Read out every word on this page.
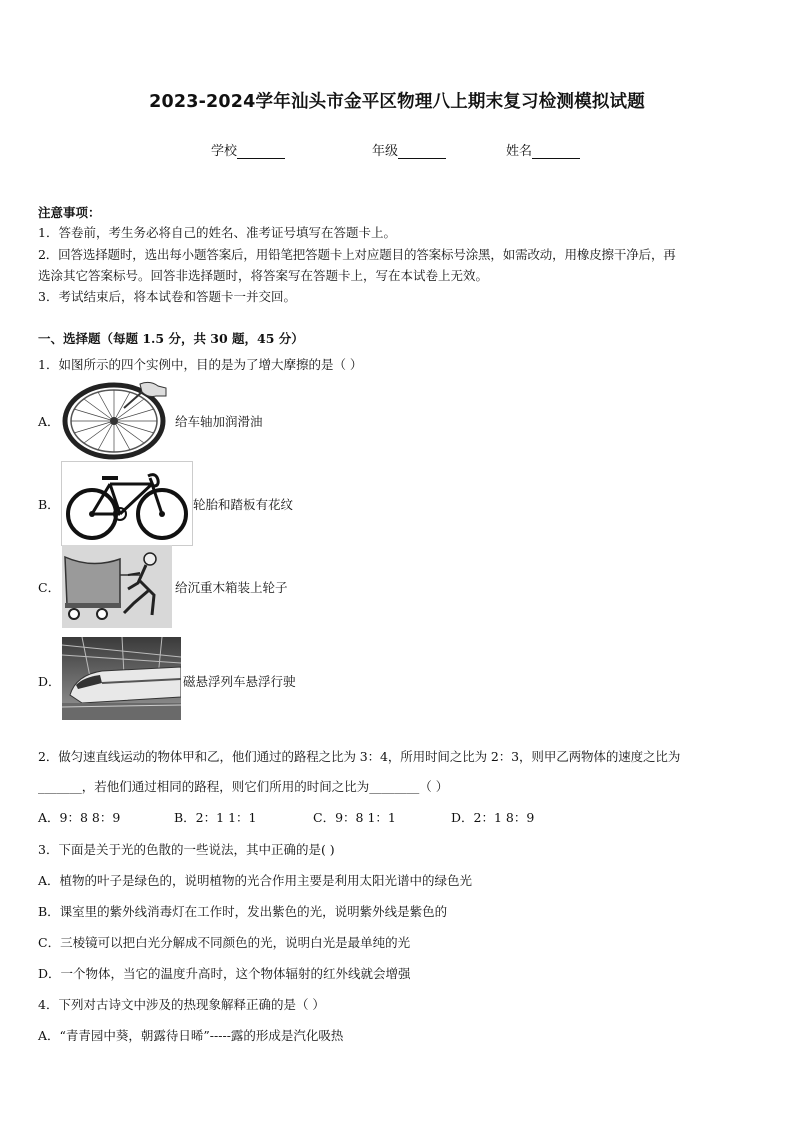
2023-2024学年汕头市金平区物理八上期末复习检测模拟试题
学校	年级	姓名
注意事项：
1．答卷前，考生务必将自己的姓名、准考证号填写在答题卡上。
2．回答选择题时，选出每小题答案后，用铅笔把答题卡上对应题目的答案标号涂黑，如需改动，用橡皮擦干净后，再
选涂其它答案标号。回答非选择题时，将答案写在答题卡上，写在本试卷上无效。
3．考试结束后，将本试卷和答题卡一并交回。
一、选择题（每题 1.5 分，共 30 题，45 分）
1．如图所示的四个实例中，目的是为了增大摩擦的是（ ）
A．	给车轴加润滑油
B．	轮胎和踏板有花纹
C．	给沉重木箱装上轮子
D．	磁悬浮列车悬浮行驶
2．做匀速直线运动的物体甲和乙，他们通过的路程之比为 3：4，所用时间之比为 2：3，则甲乙两物体的速度之比为
_______，若他们通过相同的路程，则它们所用的时间之比为________（ ）
A．9：8 8：9	B．2：1 1：1	C．9：8 1：1	D．2：1 8：9
3．下面是关于光的色散的一些说法，其中正确的是( )
A．植物的叶子是绿色的，说明植物的光合作用主要是利用太阳光谱中的绿色光
B．课室里的紫外线消毒灯在工作时，发出紫色的光，说明紫外线是紫色的
C．三棱镜可以把白光分解成不同颜色的光，说明白光是最单纯的光
D．一个物体，当它的温度升高时，这个物体辐射的红外线就会增强
4．下列对古诗文中涉及的热现象解释正确的是（ ）
A．“青青园中葵，朝露待日晞”-----露的形成是汽化吸热
